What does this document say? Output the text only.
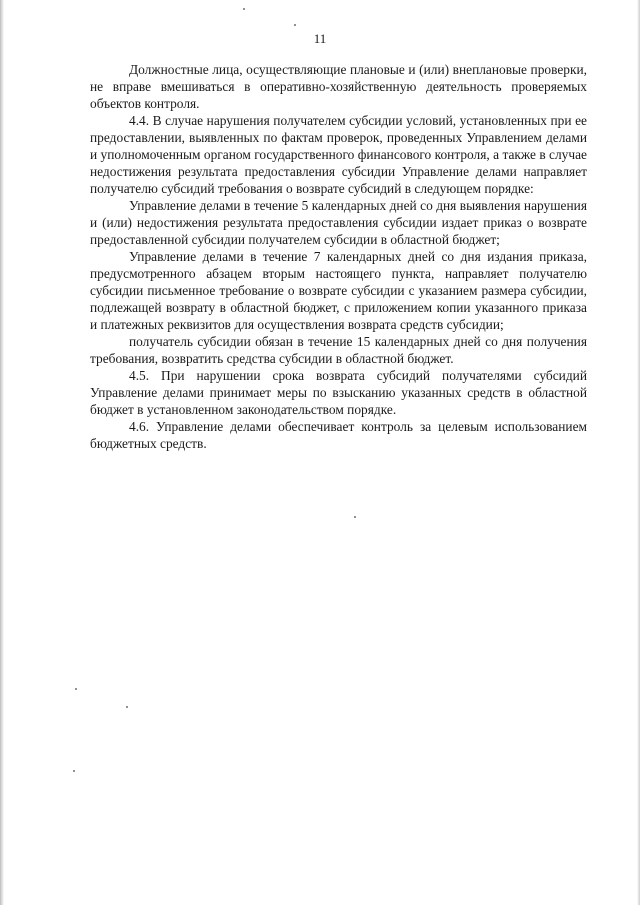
11

Должностные лица, осуществляющие плановые и (или) внеплановые проверки, не вправе вмешиваться в оперативно-хозяйственную деятельность проверяемых объектов контроля.

4.4. В случае нарушения получателем субсидии условий, установленных при ее предоставлении, выявленных по фактам проверок, проведенных Управлением делами и уполномоченным органом государственного финансового контроля, а также в случае недостижения результата предоставления субсидии Управление делами направляет получателю субсидий требования о возврате субсидий в следующем порядке:

Управление делами в течение 5 календарных дней со дня выявления нарушения и (или) недостижения результата предоставления субсидии издает приказ о возврате предоставленной субсидии получателем субсидии в областной бюджет;

Управление делами в течение 7 календарных дней со дня издания приказа, предусмотренного абзацем вторым настоящего пункта, направляет получателю субсидии письменное требование о возврате субсидии с указанием размера субсидии, подлежащей возврату в областной бюджет, с приложением копии указанного приказа и платежных реквизитов для осуществления возврата средств субсидии;

получатель субсидии обязан в течение 15 календарных дней со дня получения требования, возвратить средства субсидии в областной бюджет.

4.5. При нарушении срока возврата субсидий получателями субсидий Управление делами принимает меры по взысканию указанных средств в областной бюджет в установленном законодательством порядке.

4.6. Управление делами обеспечивает контроль за целевым использованием бюджетных средств.
